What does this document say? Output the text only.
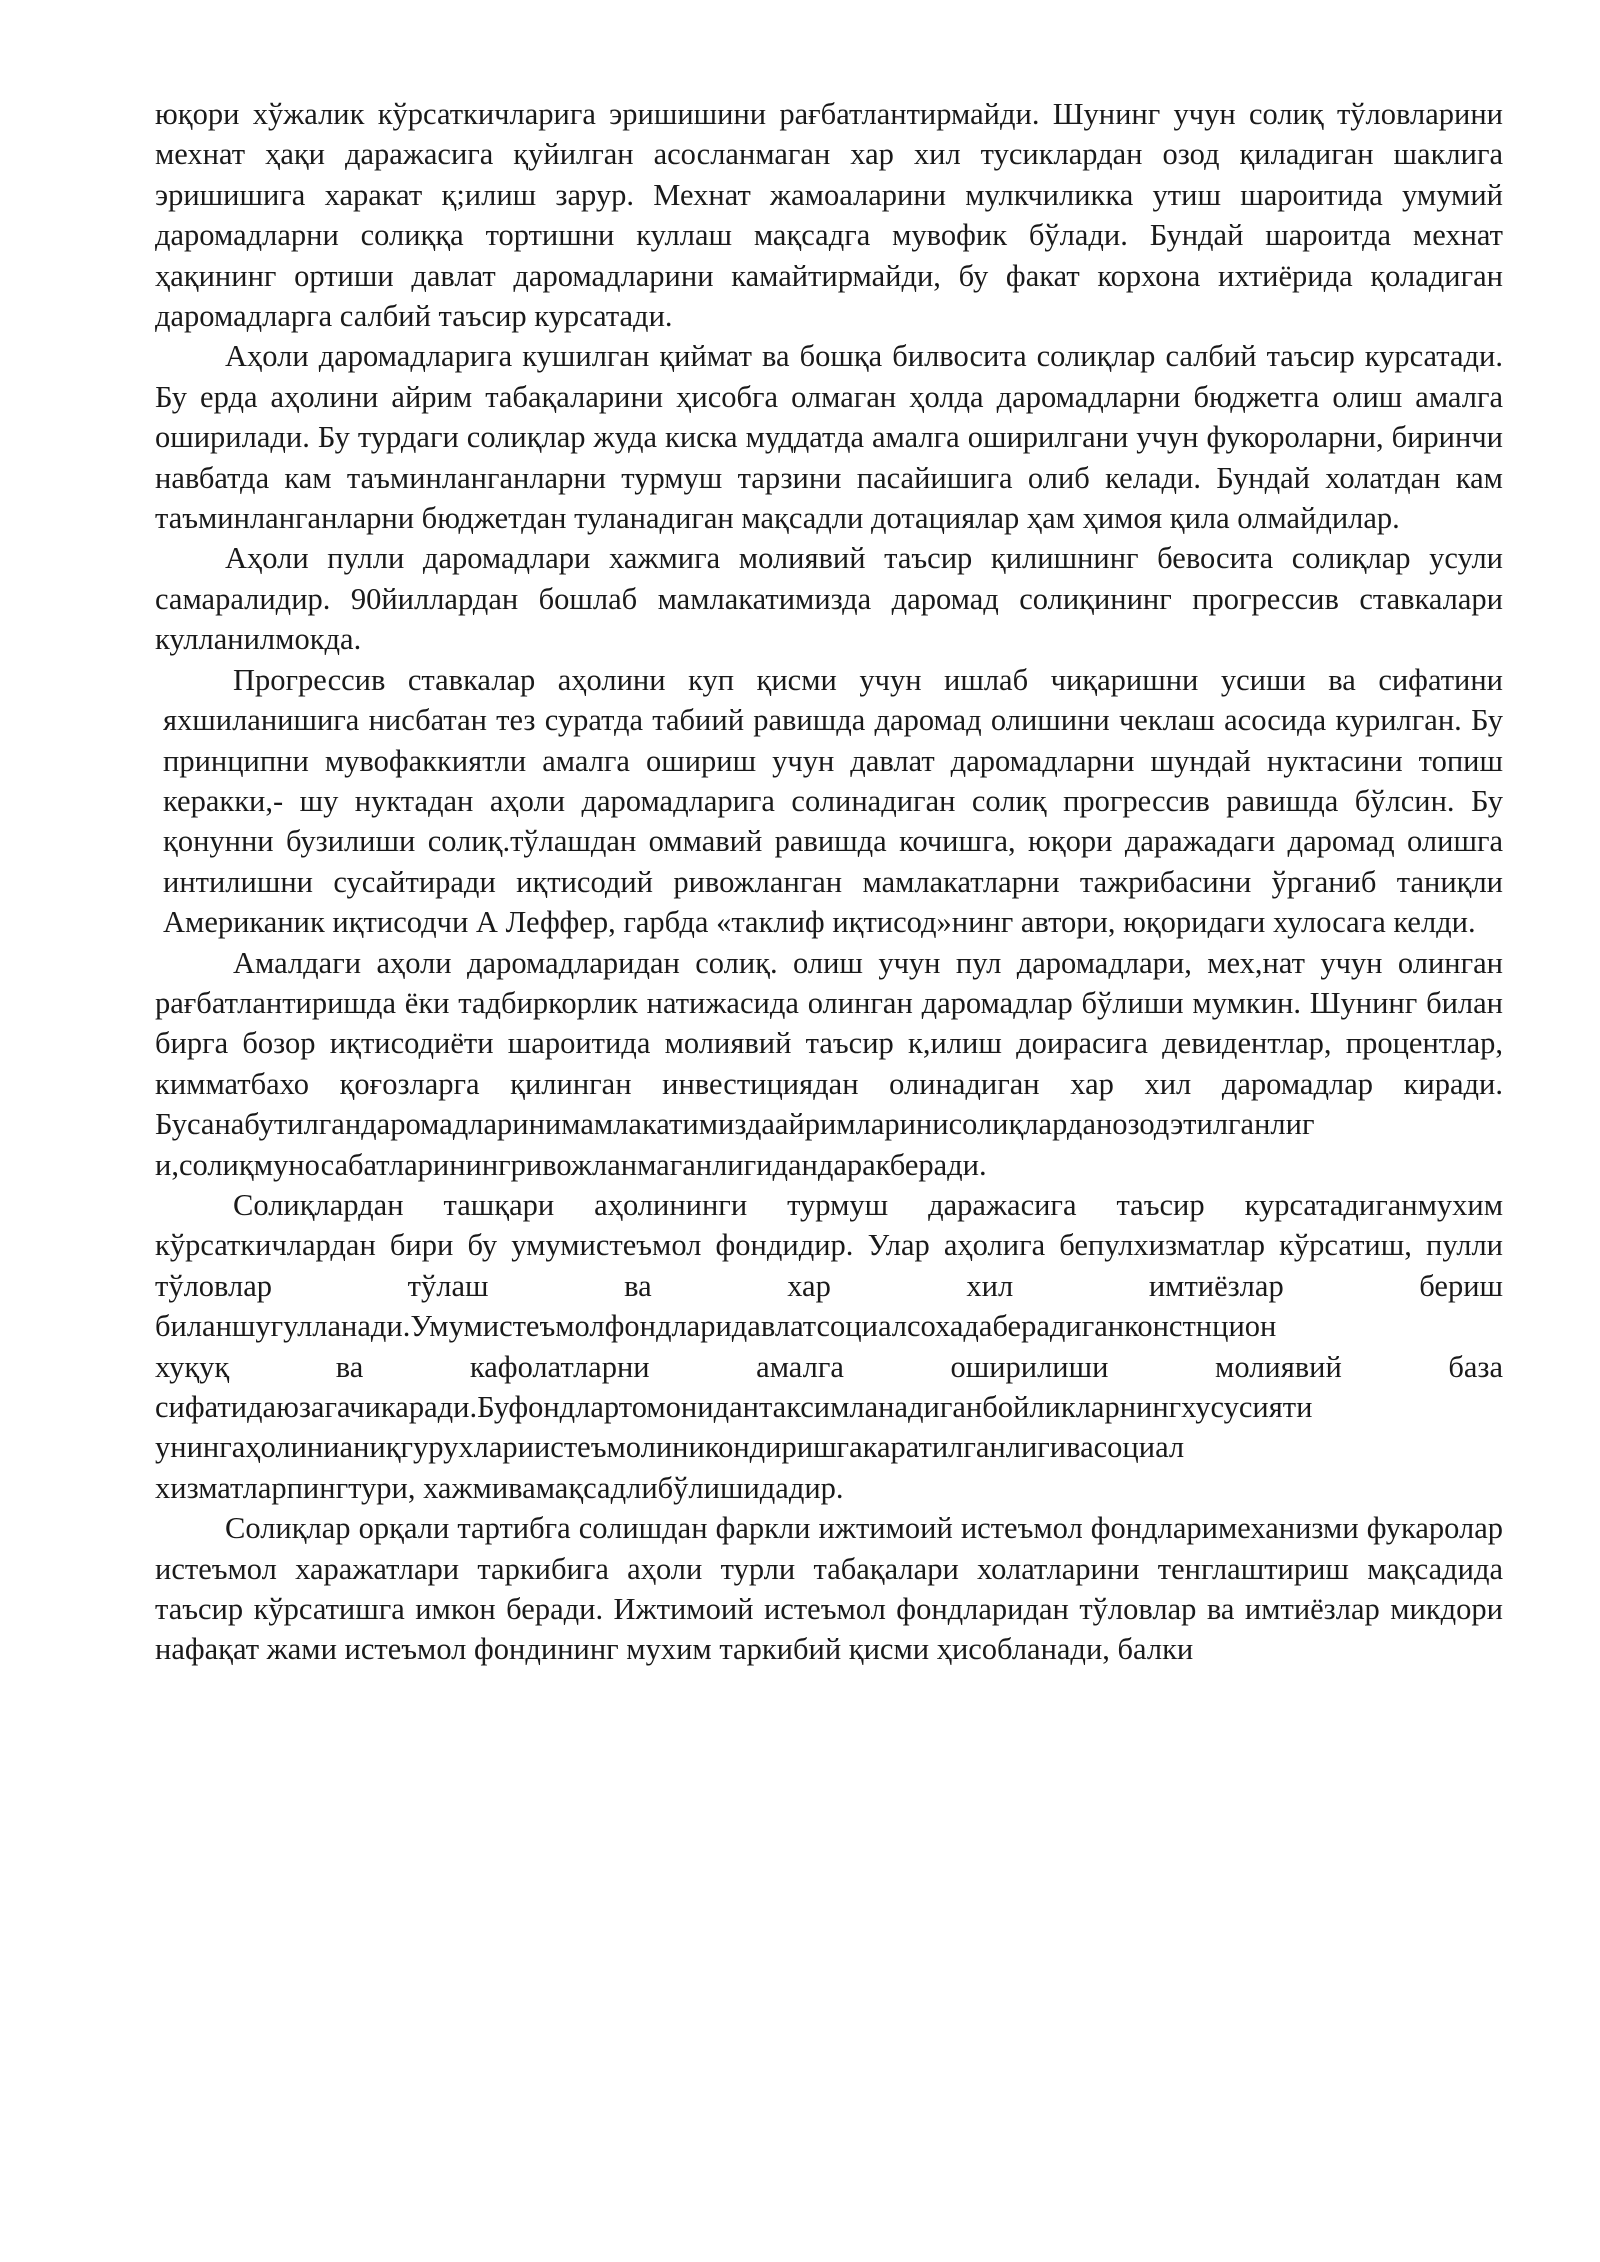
юқори хўжалик кўрсаткичларига эришишини рағбатлантирмайди. Шунинг учун солиқ тўловларини мехнат ҳақи даражасига қуйилган асосланмаган хар хил тусиклардан озод қиладиган шаклига эришишига харакат қ;илиш зарур. Мехнат жамоаларини мулкчиликка утиш шароитида умумий даромадларни солиққа тортишни куллаш мақсадга мувофик бўлади. Бундай шароитда мехнат ҳақининг ортиши давлат даромадларини камайтирмайди, бу факат корхона ихтиёрида қоладиган даромадларга салбий таъсир курсатади.

Аҳоли даромадларига кушилган қиймат ва бошқа билвосита солиқлар салбий таъсир курсатади. Бу ерда аҳолини айрим табақаларини ҳисобга олмаган ҳолда даромадларни бюджетга олиш амалга оширилади. Бу турдаги солиқлар жуда киска муддатда амалга оширилгани учун фукороларни, биринчи навбатда кам таъминланганларни турмуш тарзини пасайишига олиб келади. Бундай холатдан кам таъминланганларни бюджетдан туланадиган мақсадли дотациялар ҳам ҳимоя қила олмайдилар.

Аҳоли пулли даромадлари хажмига молиявий таъсир қилишнинг бевосита солиқлар усули самаралидир. 90йиллардан бошлаб мамлакатимизда даромад солиқининг прогрессив ставкалари кулланилмокда.

Прогрессив ставкалар аҳолини куп қисми учун ишлаб чиқаришни усиши ва сифатини яхшиланишига нисбатан тез суратда табиий равишда даромад олишини чеклаш асосида курилган. Бу принципни мувофаккиятли амалга ошириш учун давлат даромадларни шундай нуктасини топиш керакки,- шу нуктадан аҳоли даромадларига солинадиган солиқ прогрессив равишда бўлсин. Бу қонунни бузилиши солиқ.тўлашдан оммавий равишда кочишга, юқори даражадаги даромад олишга интилишни сусайтиради иқтисодий ривожланган мамлакатларни тажрибасини ўрганиб таниқли Американик иқтисодчи А Леффер, гарбда «таклиф иқтисод»нинг автори, юқоридаги хулосага келди.

Амалдаги аҳоли даромадларидан солиқ. олиш учун пул даромадлари, мех,нат учун олинган рағбатлантиришда ёки тадбиркорлик натижасида олинган даромадлар бўлиши мумкин. Шунинг билан бирга бозор иқтисодиёти шароитида молиявий таъсир к,илиш доирасига девидентлар, процентлар, кимматбахо қоғозларга қилинган инвестициядан олинадиган хар хил даромадлар киради.

Бусанабутилгандаромадларинимамлакатимиздаайримларинисолиқларданозодэтилганлиг
и,солиқмуносабатларинингривожланмаганлигидандаракберади.

Солиқлардан ташқари аҳолининги турмуш даражасига таъсир курсатадиганмухим кўрсаткичлардан бири бу умумистеъмол фондидир. Улар аҳолига бепулхизматлар кўрсатиш, пулли тўловлар тўлаш ва хар хил имтиёзлар бериш

биланшугулланади.Умумистеъмолфондларидавлатсоциалсохадаберадиганконстнцион
хуқуқ ва кафолатларни амалга оширилиши молиявий база
сифатидаюзагачикаради.Буфондлартомонидантаксимланадиганбойликларнингхусусияти
унингаҳолинианиқгурухлариистеъмолиникондиришгакаратилганлигивасоциал
хизматларпингтури, хажмивамақсадлибўлишидадир.

Солиқлар орқали тартибга солишдан фаркли ижтимоий истеъмол фондларимеханизми фукаролар истеъмол харажатлари таркибига аҳоли турли табақалари холатларини тенглаштириш мақсадида таъсир кўрсатишга имкон беради. Ижтимоий истеъмол фондларидан тўловлар ва имтиёзлар микдори нафақат жами истеъмол фондининг мухим таркибий қисми ҳисобланади, балки
